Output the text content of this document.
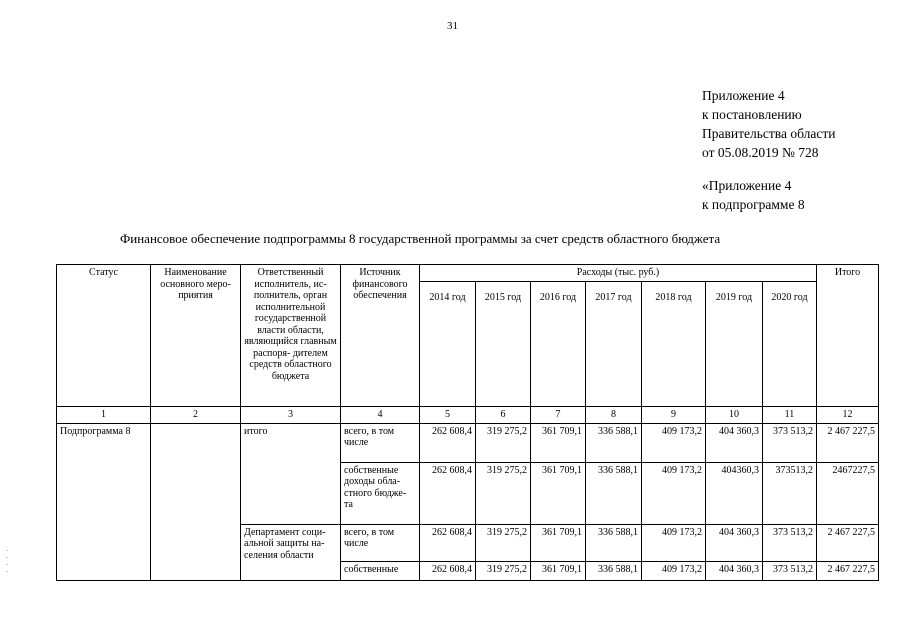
31
Приложение 4
к постановлению
Правительства области
от 05.08.2019 № 728
«Приложение 4
к подпрограмме 8
Финансовое обеспечение подпрограммы 8 государственной программы за счет средств областного бюджета
·
·
·
·
Статус	Наименование основного меро- приятия	Ответственный исполнитель, ис- полнитель, орган исполнительной государственной власти области, являющийся главным распоря- дителем средств областного бюджета	Источник финансового обеспечения	Расходы (тыс. руб.)							Итого
				2014 год	2015 год	2016 год	2017 год	2018 год	2019 год	2020 год	
1	2	3	4	5	6	7	8	9	10	11	12
Подпрограмма 8		итого	всего, в том числе	262 608,4	319 275,2	361 709,1	336 588,1	409 173,2	404 360,3	373 513,2	2 467 227,5
			собственные доходы обла- стного бюдже- та	262 608,4	319 275,2	361 709,1	336 588,1	409 173,2	404360,3	373513,2	2467227,5
		Департамент соци- альной защиты на- селения области	всего, в том числе	262 608,4	319 275,2	361 709,1	336 588,1	409 173,2	404 360,3	373 513,2	2 467 227,5
			собственные	262 608,4	319 275,2	361 709,1	336 588,1	409 173,2	404 360,3	373 513,2	2 467 227,5
